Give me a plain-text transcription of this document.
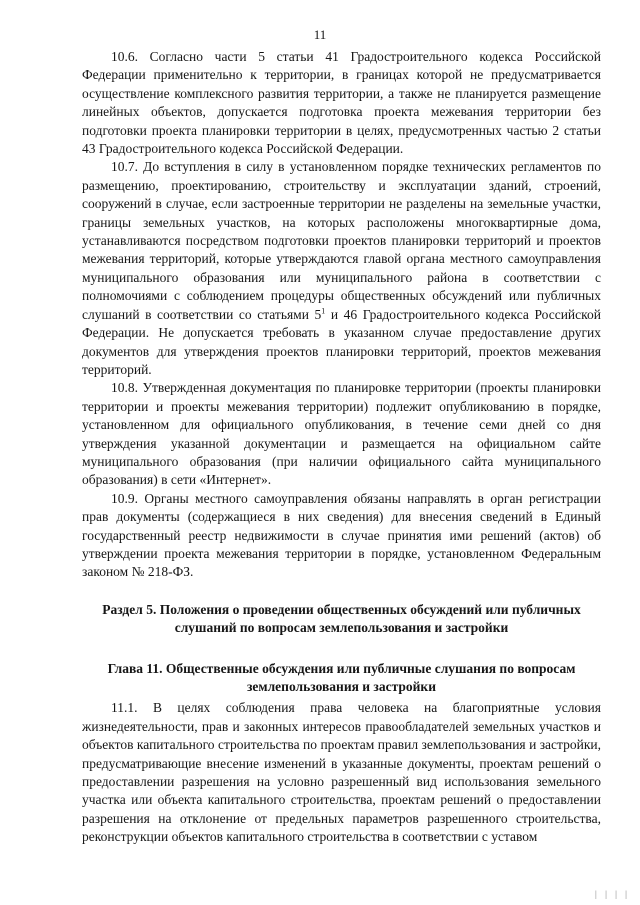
11

10.6. Согласно части 5 статьи 41 Градостроительного кодекса Российской Федерации применительно к территории, в границах которой не предусматривается осуществление комплексного развития территории, а также не планируется размещение линейных объектов, допускается подготовка проекта межевания территории без подготовки проекта планировки территории в целях, предусмотренных частью 2 статьи 43 Градостроительного кодекса Российской Федерации.

10.7. До вступления в силу в установленном порядке технических регламентов по размещению, проектированию, строительству и эксплуатации зданий, строений, сооружений в случае, если застроенные территории не разделены на земельные участки, границы земельных участков, на которых расположены многоквартирные дома, устанавливаются посредством подготовки проектов планировки территорий и проектов межевания территорий, которые утверждаются главой органа местного самоуправления муниципального образования или муниципального района в соответствии с полномочиями с соблюдением процедуры общественных обсуждений или публичных слушаний в соответствии со статьями 5$^1$ и 46 Градостроительного кодекса Российской Федерации. Не допускается требовать в указанном случае предоставление других документов для утверждения проектов планировки территорий, проектов межевания территорий.

10.8. Утвержденная документация по планировке территории (проекты планировки территории и проекты межевания территории) подлежит опубликованию в порядке, установленном для официального опубликования, в течение семи дней со дня утверждения указанной документации и размещается на официальном сайте муниципального образования (при наличии официального сайта муниципального образования) в сети «Интернет».

10.9. Органы местного самоуправления обязаны направлять в орган регистрации прав документы (содержащиеся в них сведения) для внесения сведений в Единый государственный реестр недвижимости в случае принятия ими решений (актов) об утверждении проекта межевания территории в порядке, установленном Федеральным законом № 218-ФЗ.

Раздел 5. Положения о проведении общественных обсуждений или публичных слушаний по вопросам землепользования и застройки
Глава 11. Общественные обсуждения или публичные слушания по вопросам землепользования и застройки

11.1. В целях соблюдения права человека на благоприятные условия жизнедеятельности, прав и законных интересов правообладателей земельных участков и объектов капитального строительства по проектам правил землепользования и застройки, предусматривающие внесение изменений в указанные документы, проектам решений о предоставлении разрешения на условно разрешенный вид использования земельного участка или объекта капитального строительства, проектам решений о предоставлении разрешения на отклонение от предельных параметров разрешенного строительства, реконструкции объектов капитального строительства в соответствии с уставом

| | | |
